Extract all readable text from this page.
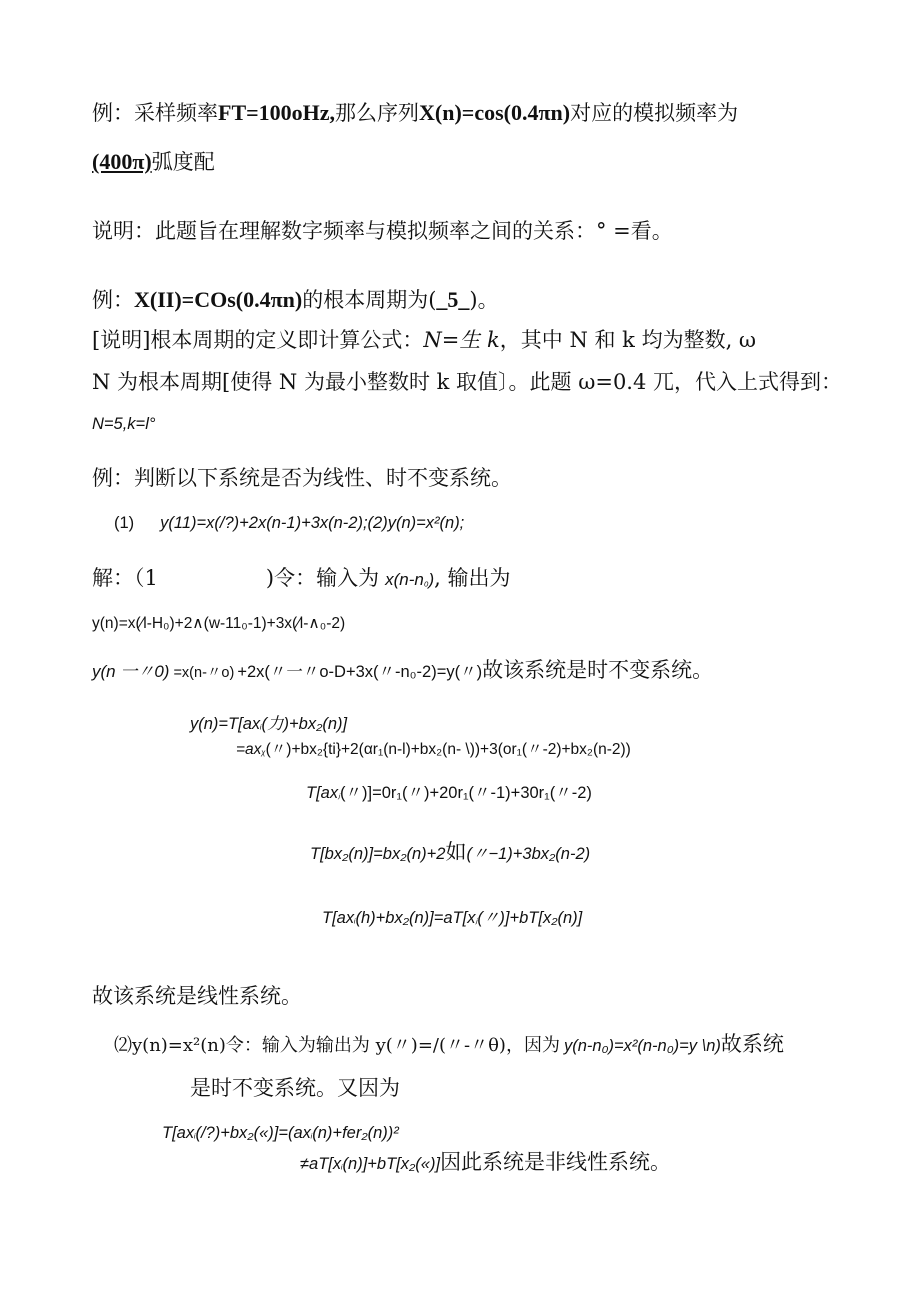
例：采样频率FT=100oHz,那么序列X(n)=cos(0.4πn)对应的模拟频率为
(400π)弧度配
说明：此题旨在理解数字频率与模拟频率之间的关系：° =看。
例：X(II)=COs(0.4πn)的根本周期为(_5_)。
[说明]根本周期的定义即计算公式：N=生 k，其中 N 和 k 均为整数, ω
N 为根本周期[使得 N 为最小整数时 k 取值〕。此题 ω=0.4 兀，代入上式得到：
N=5,k=l°
例：判断以下系统是否为线性、时不变系统。
(1) y(11)=x(/?)+2x(n-1)+3x(n-2);(2)y(n)=x²(n);
解：（1	)令：输入为 x(n-n₀), 输出为
y(n)=x(∕l-H₀)+2∧(w-11₀-1)+3x(∕l-∧₀-2)
y(n 一〃0) =x(n-〃o) +2x(〃一〃o-D+3x(〃-n₀-2)=y(〃)故该系统是时不变系统。
y(n)=T[axᵢ(力)+bx₂(n)]
=axᵪ(〃)+bx₂{ti}+2(αr₁(n-l)+bx₂(n- \))+3(or₁(〃-2)+bx₂(n-2))
T[axⱼ(〃)]=0r₁(〃)+20r₁(〃-1)+30r₁(〃-2)
T[bx₂(n)]=bx₂(n)+2如(〃−1)+3bx₂(n-2)
T[axᵢ(h)+bx₂(n)]=aT[xⱼ(〃)]+bT[x₂(n)]
故该系统是线性系统。
⑵y(n)=x²(n)令：输入为输出为 y(〃)=/(〃-〃θ)，因为 y(n-n₀)=x²(n-n₀)=y \n)故系统
是时不变系统。又因为
T[axᵢ(/?)+bx₂(«)]=(axᵢ(n)+fer₂(n))²
≠aT[xᵢ(n)]+bT[x₂(«)]因此系统是非线性系统。
